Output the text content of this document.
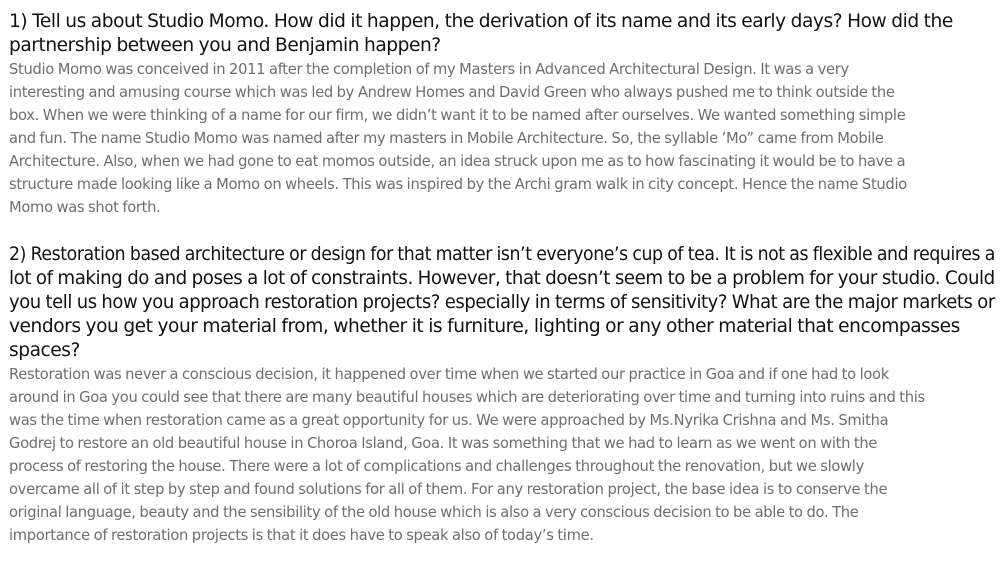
1) Tell us about Studio Momo. How did it happen, the derivation of its name and its early days? How did the
partnership between you and Benjamin happen?

Studio Momo was conceived in 2011 after the completion of my Masters in Advanced Architectural Design. It was a very
interesting and amusing course which was led by Andrew Homes and David Green who always pushed me to think outside the
box. When we were thinking of a name for our firm, we didn’t want it to be named after ourselves. We wanted something simple
and fun. The name Studio Momo was named after my masters in Mobile Architecture. So, the syllable ’Mo” came from Mobile
Architecture. Also, when we had gone to eat momos outside, an idea struck upon me as to how fascinating it would be to have a
structure made looking like a Momo on wheels. This was inspired by the Archi gram walk in city concept. Hence the name Studio
Momo was shot forth.

2) Restoration based architecture or design for that matter isn’t everyone’s cup of tea. It is not as flexible and requires a
lot of making do and poses a lot of constraints. However, that doesn’t seem to be a problem for your studio. Could
you tell us how you approach restoration projects? especially in terms of sensitivity? What are the major markets or
vendors you get your material from, whether it is furniture, lighting or any other material that encompasses
spaces?

Restoration was never a conscious decision, it happened over time when we started our practice in Goa and if one had to look
around in Goa you could see that there are many beautiful houses which are deteriorating over time and turning into ruins and this
was the time when restoration came as a great opportunity for us. We were approached by Ms.Nyrika Crishna and Ms. Smitha
Godrej to restore an old beautiful house in Choroa Island, Goa. It was something that we had to learn as we went on with the
process of restoring the house. There were a lot of complications and challenges throughout the renovation, but we slowly
overcame all of it step by step and found solutions for all of them. For any restoration project, the base idea is to conserve the
original language, beauty and the sensibility of the old house which is also a very conscious decision to be able to do. The
importance of restoration projects is that it does have to speak also of today’s time.
